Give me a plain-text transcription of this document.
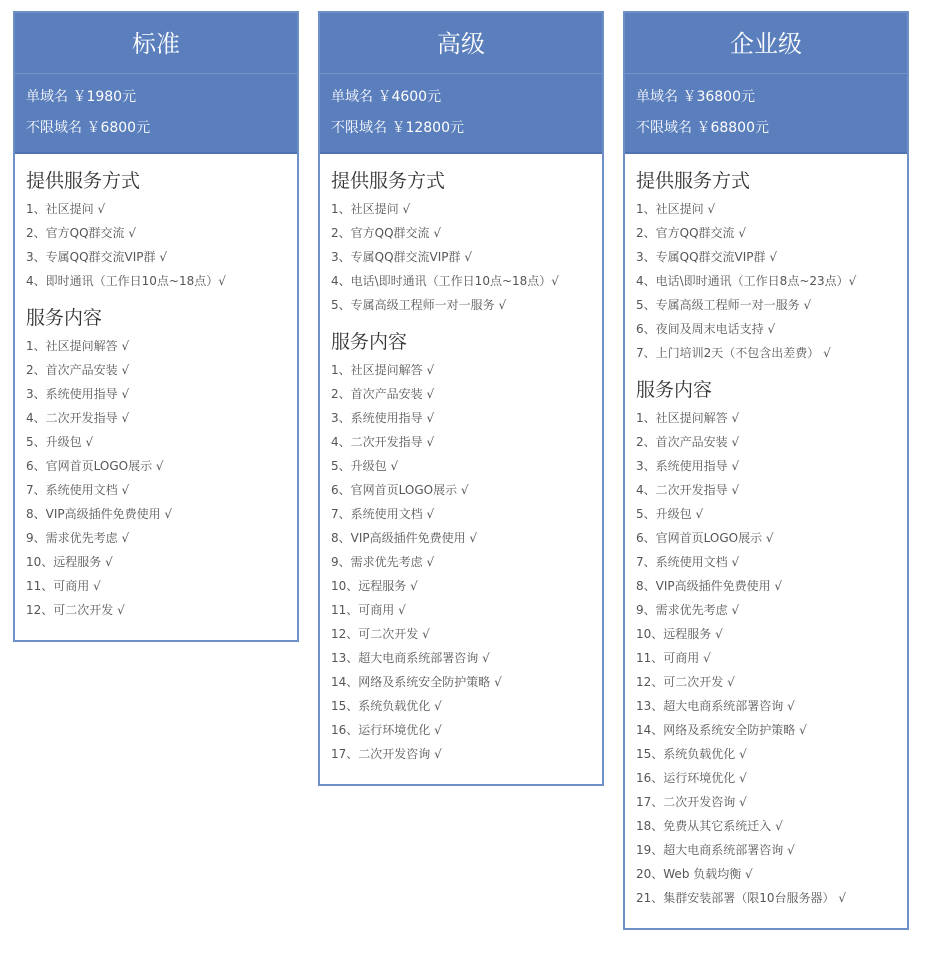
标准
单域名 ￥1980元
不限域名 ￥6800元
提供服务方式
1、社区提问 √
2、官方QQ群交流 √
3、专属QQ群交流VIP群 √
4、即时通讯（工作日10点~18点）√
服务内容
1、社区提问解答 √
2、首次产品安装 √
3、系统使用指导 √
4、二次开发指导 √
5、升级包 √
6、官网首页LOGO展示 √
7、系统使用文档 √
8、VIP高级插件免费使用 √
9、需求优先考虑 √
10、远程服务 √
11、可商用 √
12、可二次开发 √
高级
单域名 ￥4600元
不限域名 ￥12800元
提供服务方式
1、社区提问 √
2、官方QQ群交流 √
3、专属QQ群交流VIP群 √
4、电话\即时通讯（工作日10点~18点）√
5、专属高级工程师一对一服务 √
服务内容
1、社区提问解答 √
2、首次产品安装 √
3、系统使用指导 √
4、二次开发指导 √
5、升级包 √
6、官网首页LOGO展示 √
7、系统使用文档 √
8、VIP高级插件免费使用 √
9、需求优先考虑 √
10、远程服务 √
11、可商用 √
12、可二次开发 √
13、超大电商系统部署咨询 √
14、网络及系统安全防护策略 √
15、系统负载优化 √
16、运行环境优化 √
17、二次开发咨询 √
企业级
单域名 ￥36800元
不限域名 ￥68800元
提供服务方式
1、社区提问 √
2、官方QQ群交流 √
3、专属QQ群交流VIP群 √
4、电话\即时通讯（工作日8点~23点）√
5、专属高级工程师一对一服务 √
6、夜间及周末电话支持 √
7、上门培训2天（不包含出差费） √
服务内容
1、社区提问解答 √
2、首次产品安装 √
3、系统使用指导 √
4、二次开发指导 √
5、升级包 √
6、官网首页LOGO展示 √
7、系统使用文档 √
8、VIP高级插件免费使用 √
9、需求优先考虑 √
10、远程服务 √
11、可商用 √
12、可二次开发 √
13、超大电商系统部署咨询 √
14、网络及系统安全防护策略 √
15、系统负载优化 √
16、运行环境优化 √
17、二次开发咨询 √
18、免费从其它系统迁入 √
19、超大电商系统部署咨询 √
20、Web 负载均衡 √
21、集群安装部署（限10台服务器） √
